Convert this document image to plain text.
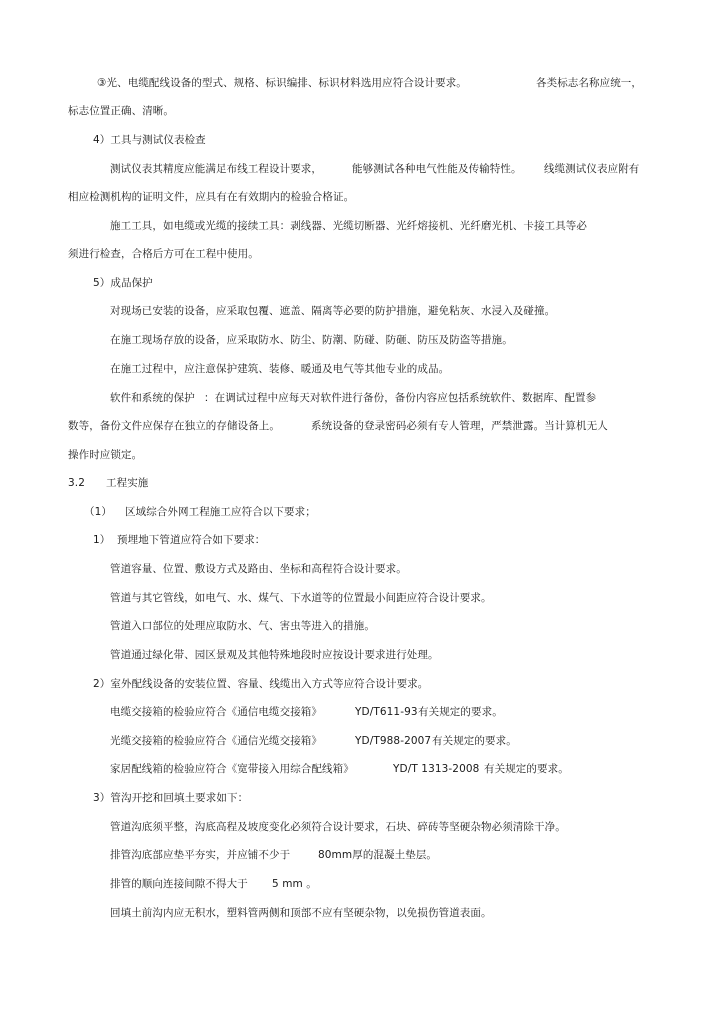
③光、电缆配线设备的型式、规格、标识编排、标识材料选用应符合设计要求。	各类标志名称应统一，
标志位置正确、清晰。
4）工具与测试仪表检查
测试仪表其精度应能满足布线工程设计要求，	能够测试各种电气性能及传输特性。 线缆测试仪表应附有
相应检测机构的证明文件，应具有在有效期内的检验合格证。
施工工具，如电缆或光缆的接续工具：剥线器、光缆切断器、光纤熔接机、光纤磨光机、卡接工具等必
须进行检查，合格后方可在工程中使用。
5）成品保护
对现场已安装的设备，应采取包覆、遮盖、隔离等必要的防护措施，避免粘灰、水浸入及碰撞。
在施工现场存放的设备，应采取防水、防尘、防潮、防碰、防砸、防压及防盗等措施。
在施工过程中，应注意保护建筑、装修、暖通及电气等其他专业的成品。
软件和系统的保护 ：在调试过程中应每天对软件进行备份，备份内容应包括系统软件、数据库、配置参
数等，备份文件应保存在独立的存储设备上。	系统设备的登录密码必须有专人管理，严禁泄露。当计算机无人
操作时应锁定。
3.2 工程实施
（1） 区域综合外网工程施工应符合以下要求；
1） 预埋地下管道应符合如下要求：
管道容量、位置、敷设方式及路由、坐标和高程符合设计要求。
管道与其它管线，如电气、水、煤气、下水道等的位置最小间距应符合设计要求。
管道入口部位的处理应取防水、气、害虫等进入的措施。
管道通过绿化带、园区景观及其他特殊地段时应按设计要求进行处理。
2）室外配线设备的安装位置、容量、线缆出入方式等应符合设计要求。
电缆交接箱的检验应符合《通信电缆交接箱》	YD/T611-93 有关规定的要求。
光缆交接箱的检验应符合《通信光缆交接箱》	YD/T988-2007 有关规定的要求。
家居配线箱的检验应符合《宽带接入用综合配线箱》	YD/T 1313-2008 有关规定的要求。
3）管沟开挖和回填土要求如下：
管道沟底须平整，沟底高程及坡度变化必须符合设计要求，石块、碎砖等坚硬杂物必须清除干净。
排管沟底部应垫平夯实，并应铺不少于	80mm厚的混凝土垫层。
排管的顺向连接间隙不得大于 5 mm 。
回填土前沟内应无积水，塑料管两侧和顶部不应有坚硬杂物，以免损伤管道表面。
